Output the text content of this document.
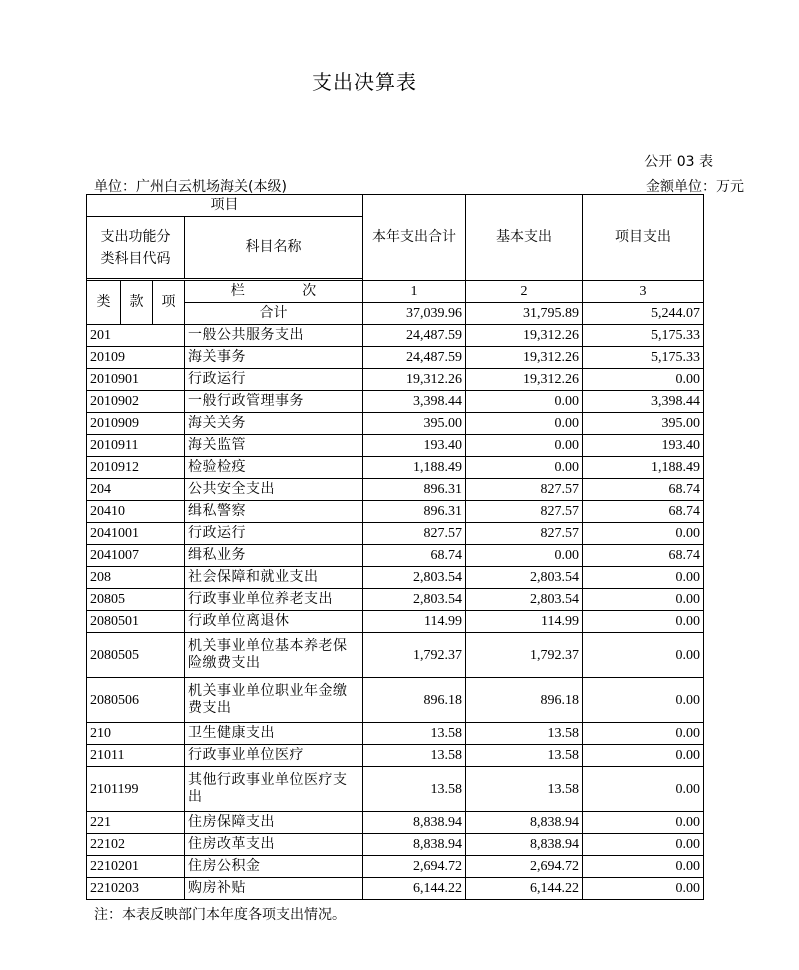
支出决算表
公开 03 表
单位：广州白云机场海关(本级)	金额单位：万元
项目				本年支出合计	基本支出	项目支出
支出功能分类科目代码			科目名称			

类	款	项	栏 次	1	2	3
			合计	37,039.96	31,795.89	5,244.07
201			一般公共服务支出	24,487.59	19,312.26	5,175.33
20109			海关事务	24,487.59	19,312.26	5,175.33
2010901			行政运行	19,312.26	19,312.26	0.00
2010902			一般行政管理事务	3,398.44	0.00	3,398.44
2010909			海关关务	395.00	0.00	395.00
2010911			海关监管	193.40	0.00	193.40
2010912			检验检疫	1,188.49	0.00	1,188.49
204			公共安全支出	896.31	827.57	68.74
20410			缉私警察	896.31	827.57	68.74
2041001			行政运行	827.57	827.57	0.00
2041007			缉私业务	68.74	0.00	68.74
208			社会保障和就业支出	2,803.54	2,803.54	0.00
20805			行政事业单位养老支出	2,803.54	2,803.54	0.00
2080501			行政单位离退休	114.99	114.99	0.00
2080505			机关事业单位基本养老保险缴费支出	1,792.37	1,792.37	0.00
2080506			机关事业单位职业年金缴费支出	896.18	896.18	0.00
210			卫生健康支出	13.58	13.58	0.00
21011			行政事业单位医疗	13.58	13.58	0.00
2101199			其他行政事业单位医疗支出	13.58	13.58	0.00
221			住房保障支出	8,838.94	8,838.94	0.00
22102			住房改革支出	8,838.94	8,838.94	0.00
2210201			住房公积金	2,694.72	2,694.72	0.00
2210203			购房补贴	6,144.22	6,144.22	0.00
注：本表反映部门本年度各项支出情况。
